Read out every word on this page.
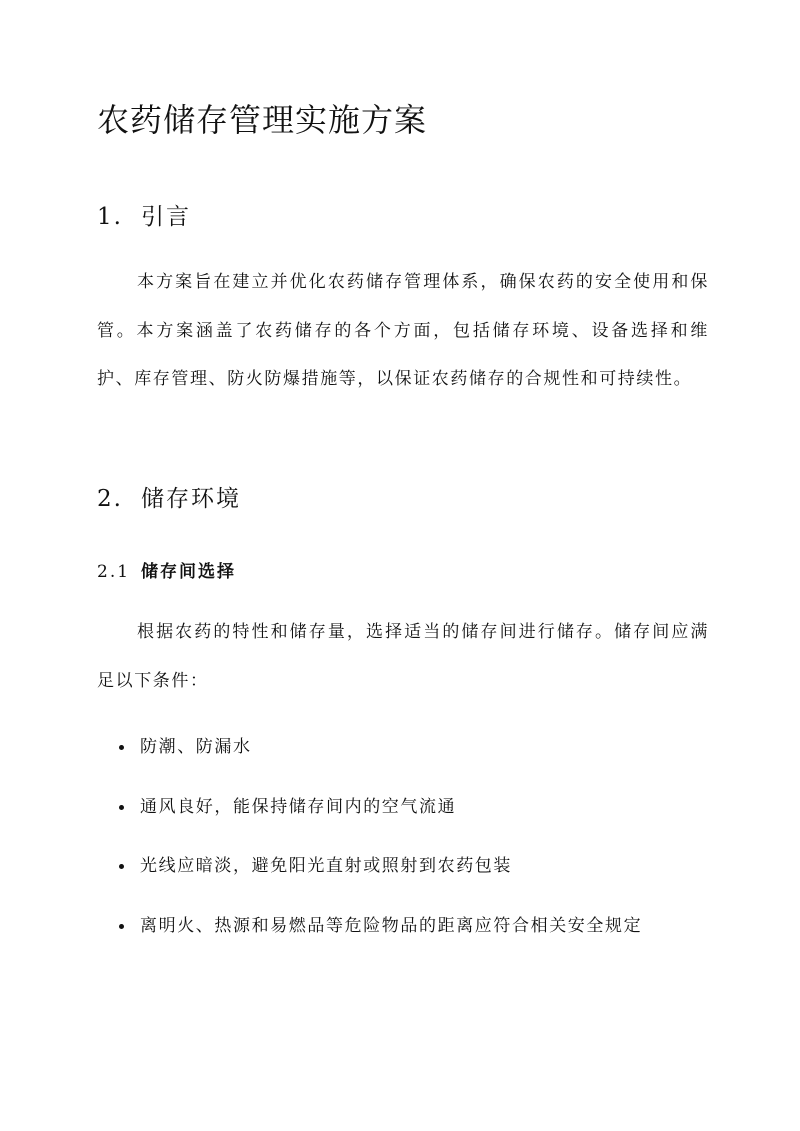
农药储存管理实施方案
1. 引言

本方案旨在建立并优化农药储存管理体系，确保农药的安全使用和保管。本方案涵盖了农药储存的各个方面，包括储存环境、设备选择和维护、库存管理、防火防爆措施等，以保证农药储存的合规性和可持续性。

2. 储存环境
2.1 储存间选择

根据农药的特性和储存量，选择适当的储存间进行储存。储存间应满足以下条件：

防潮、防漏水
通风良好，能保持储存间内的空气流通
光线应暗淡，避免阳光直射或照射到农药包装
离明火、热源和易燃品等危险物品的距离应符合相关安全规定
